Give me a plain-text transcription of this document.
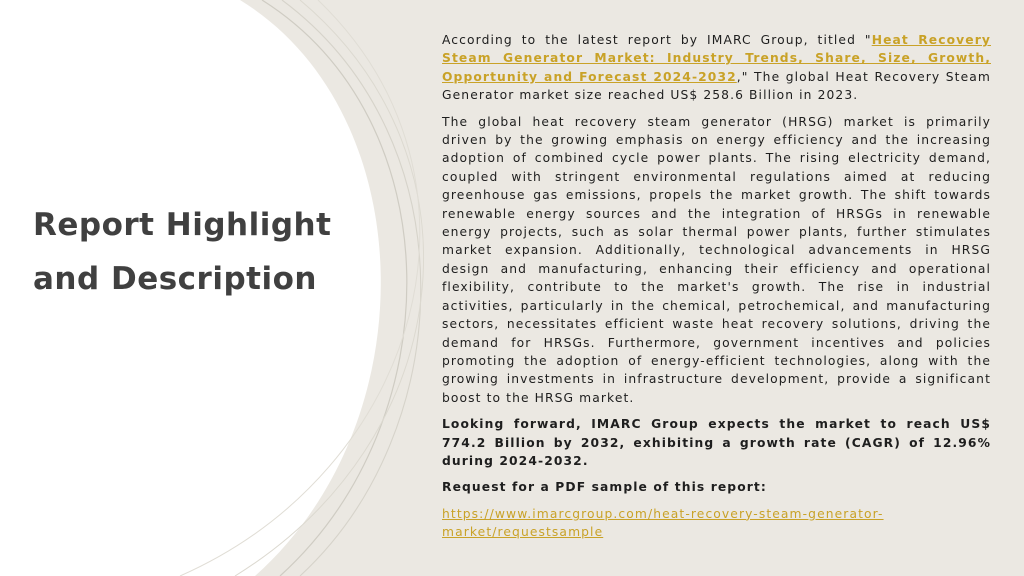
Report Highlight and Description

According to the latest report by IMARC Group, titled "Heat Recovery Steam Generator Market: Industry Trends, Share, Size, Growth, Opportunity and Forecast 2024-2032," The global Heat Recovery Steam Generator market size reached US$ 258.6 Billion in 2023.

The global heat recovery steam generator (HRSG) market is primarily driven by the growing emphasis on energy efficiency and the increasing adoption of combined cycle power plants. The rising electricity demand, coupled with stringent environmental regulations aimed at reducing greenhouse gas emissions, propels the market growth. The shift towards renewable energy sources and the integration of HRSGs in renewable energy projects, such as solar thermal power plants, further stimulates market expansion. Additionally, technological advancements in HRSG design and manufacturing, enhancing their efficiency and operational flexibility, contribute to the market's growth. The rise in industrial activities, particularly in the chemical, petrochemical, and manufacturing sectors, necessitates efficient waste heat recovery solutions, driving the demand for HRSGs. Furthermore, government incentives and policies promoting the adoption of energy-efficient technologies, along with the growing investments in infrastructure development, provide a significant boost to the HRSG market.

Looking forward, IMARC Group expects the market to reach US$ 774.2 Billion by 2032, exhibiting a growth rate (CAGR) of 12.96% during 2024-2032.

Request for a PDF sample of this report:

https://www.imarcgroup.com/heat-recovery-steam-generator-market/requestsample
